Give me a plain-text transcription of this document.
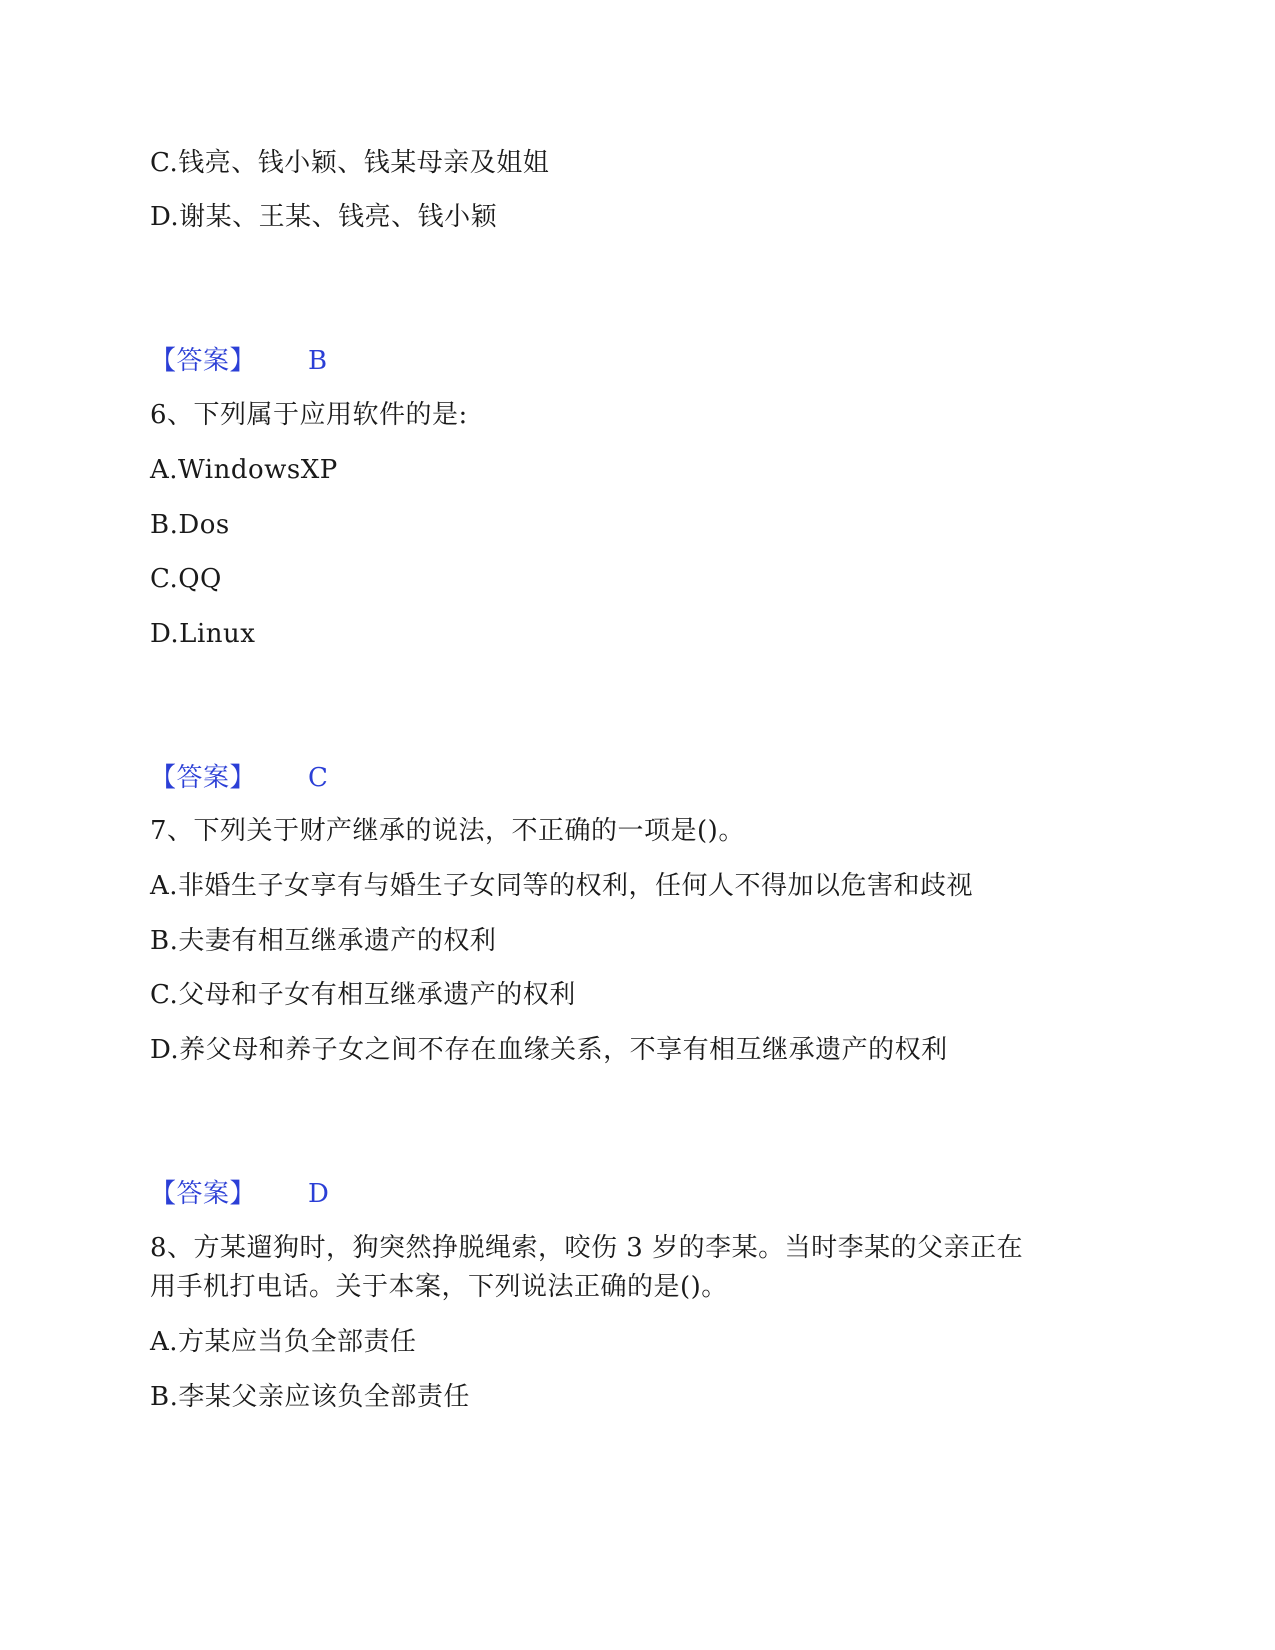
C.钱亮、钱小颖、钱某母亲及姐姐
D.谢某、王某、钱亮、钱小颖
【答案】 B
6、下列属于应用软件的是:
A.WindowsXP
B.Dos
C.QQ
D.Linux
【答案】 C
7、下列关于财产继承的说法，不正确的一项是()。
A.非婚生子女享有与婚生子女同等的权利，任何人不得加以危害和歧视
B.夫妻有相互继承遗产的权利
C.父母和子女有相互继承遗产的权利
D.养父母和养子女之间不存在血缘关系，不享有相互继承遗产的权利
【答案】 D
8、方某遛狗时，狗突然挣脱绳索，咬伤 3 岁的李某。当时李某的父亲正在
用手机打电话。关于本案，下列说法正确的是()。
A.方某应当负全部责任
B.李某父亲应该负全部责任
